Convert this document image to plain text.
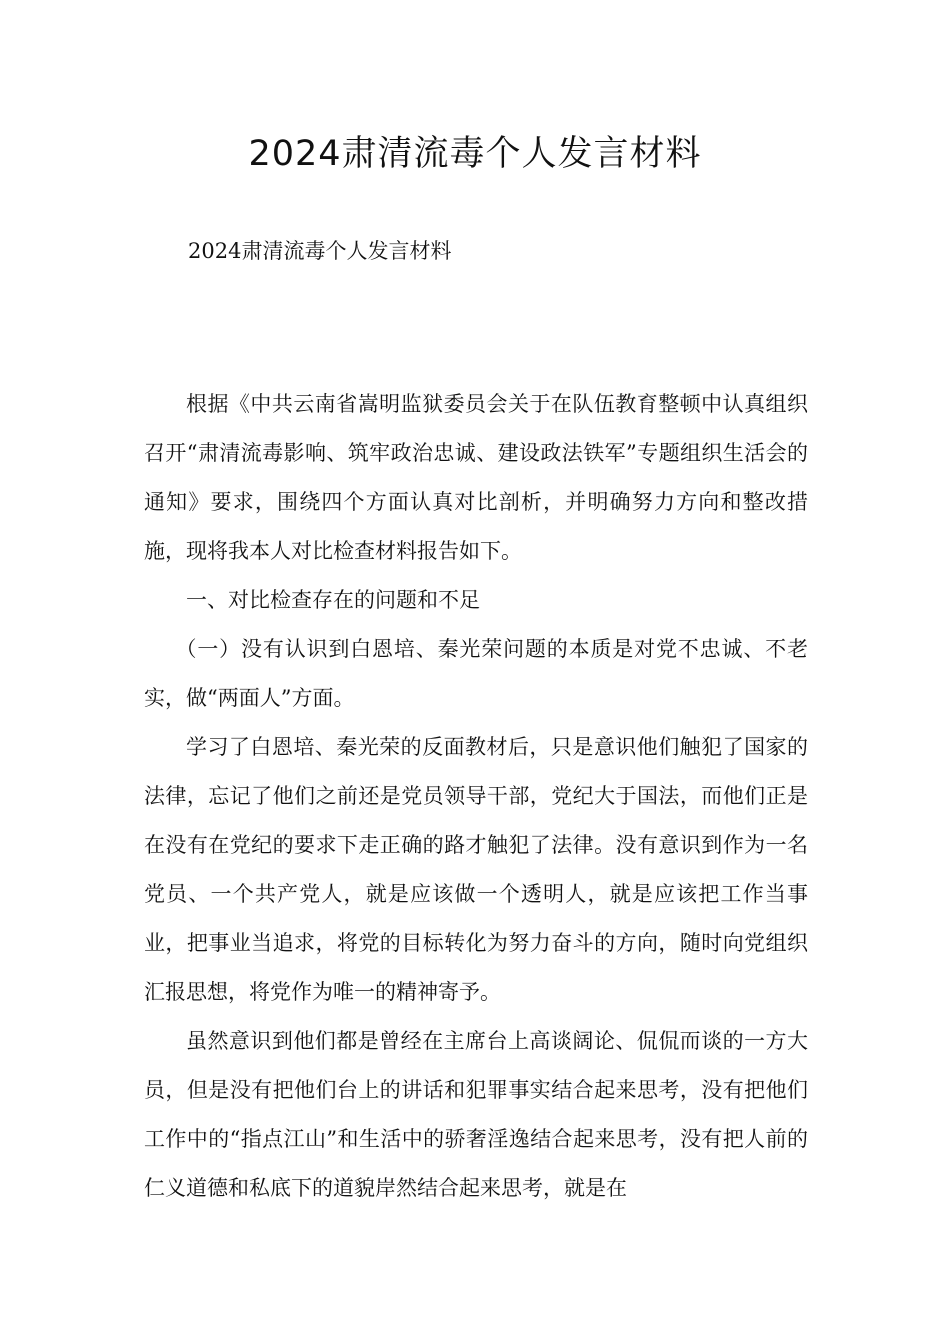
2024肃清流毒个人发言材料

2024肃清流毒个人发言材料

根据《中共云南省嵩明监狱委员会关于在队伍教育整顿中认真组织召开“肃清流毒影响、筑牢政治忠诚、建设政法铁军”专题组织生活会的通知》要求，围绕四个方面认真对比剖析，并明确努力方向和整改措施，现将我本人对比检查材料报告如下。

一、对比检查存在的问题和不足

（一）没有认识到白恩培、秦光荣问题的本质是对党不忠诚、不老实，做“两面人”方面。

学习了白恩培、秦光荣的反面教材后，只是意识他们触犯了国家的法律，忘记了他们之前还是党员领导干部，党纪大于国法，而他们正是在没有在党纪的要求下走正确的路才触犯了法律。没有意识到作为一名党员、一个共产党人，就是应该做一个透明人，就是应该把工作当事业，把事业当追求，将党的目标转化为努力奋斗的方向，随时向党组织汇报思想，将党作为唯一的精神寄予。

虽然意识到他们都是曾经在主席台上高谈阔论、侃侃而谈的一方大员，但是没有把他们台上的讲话和犯罪事实结合起来思考，没有把他们工作中的“指点江山”和生活中的骄奢淫逸结合起来思考，没有把人前的仁义道德和私底下的道貌岸然结合起来思考，就是在
